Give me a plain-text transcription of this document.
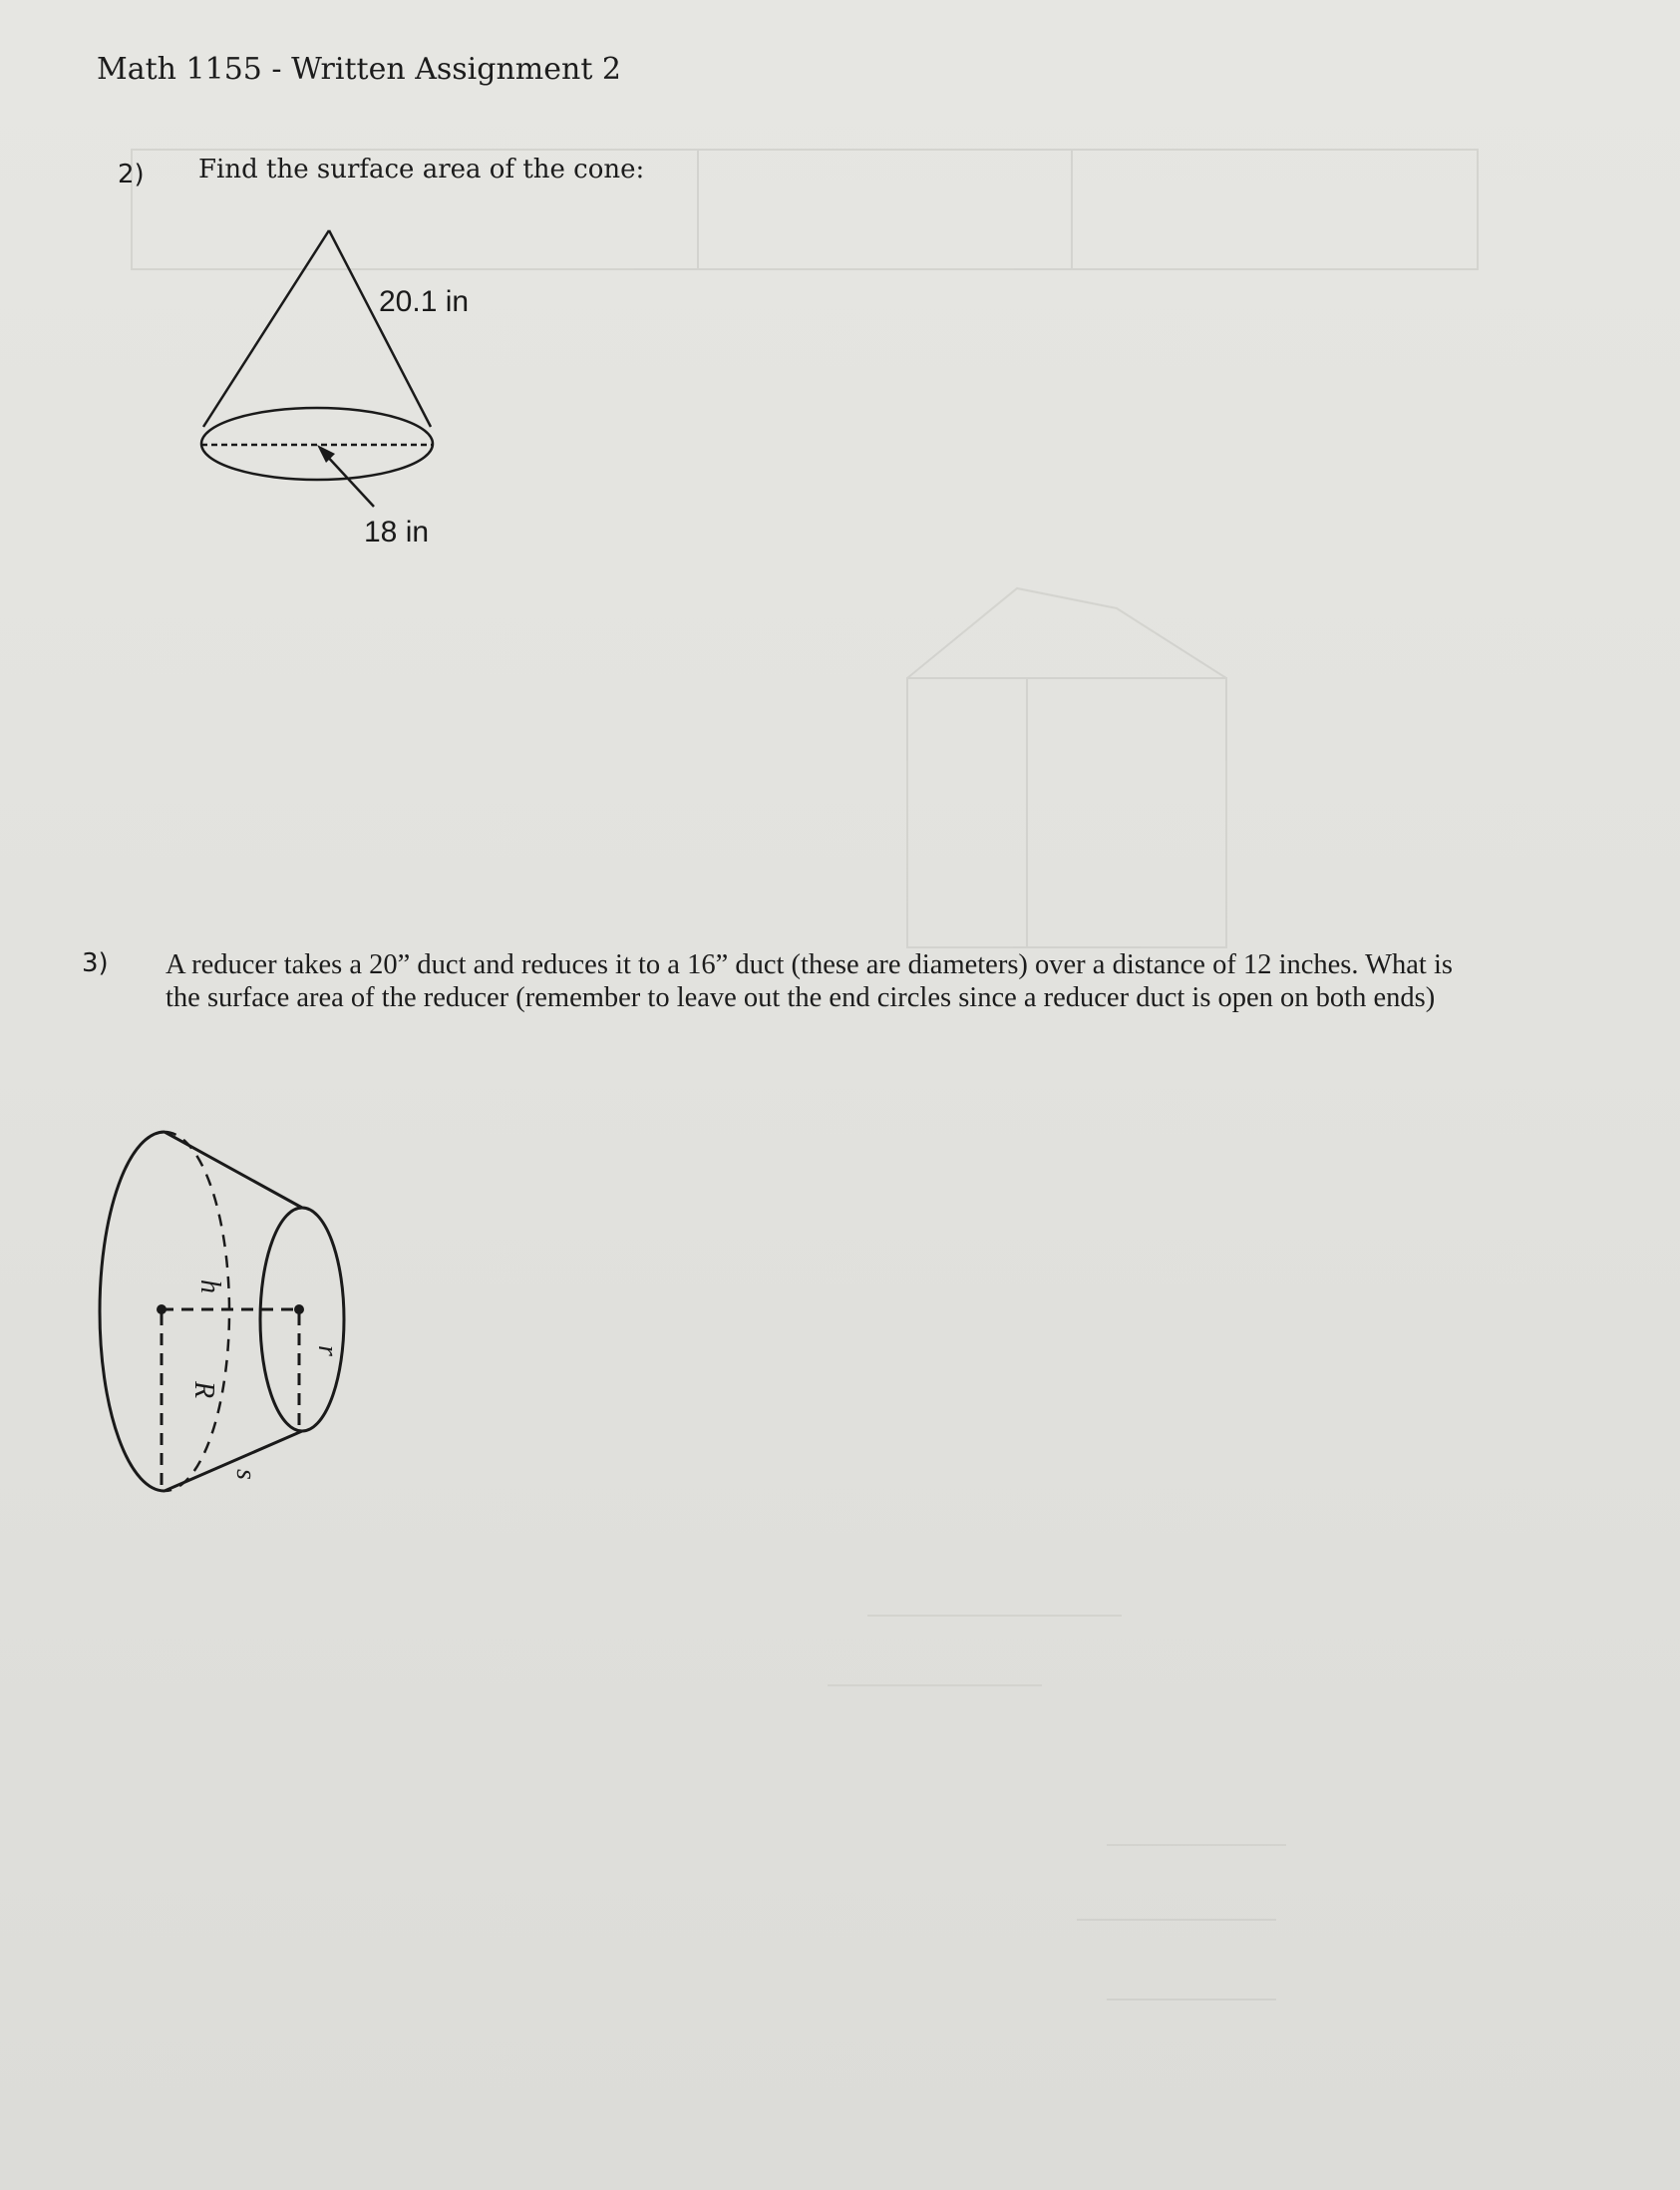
Math 1155 - Written Assignment 2
2) Find the surface area of the cone:
20.1 in
18 in
3) A reducer takes a 20” duct and reduces it to a 16” duct (these are diameters) over a distance of 12 inches. What is the surface area of the reducer (remember to leave out the end circles since a reducer duct is open on both ends)
h
R
r
s
